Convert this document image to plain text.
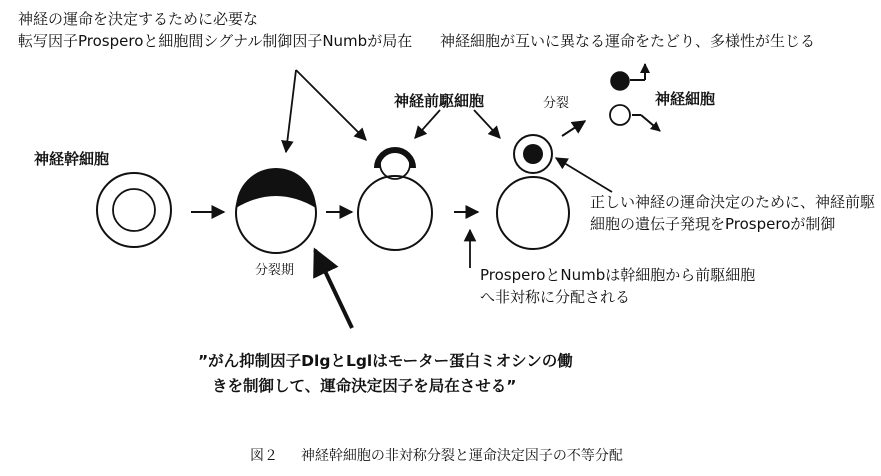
神経の運命を決定するために必要な
転写因子Prosperoと細胞間シグナル制御因子Numbが局在 神経細胞が互いに異なる運命をたどり、多様性が生じる
神経幹細胞
神経前駆細胞	分裂	神経細胞
分裂期
正しい神経の運命決定のために、神経前駆
細胞の遺伝子発現をProsperoが制御
ProsperoとNumbは幹細胞から前駆細胞
へ非対称に分配される
”がん抑制因子DlgとLglはモーター蛋白ミオシンの働
きを制御して、運命決定因子を局在させる”
図２ 神経幹細胞の非対称分裂と運命決定因子の不等分配
